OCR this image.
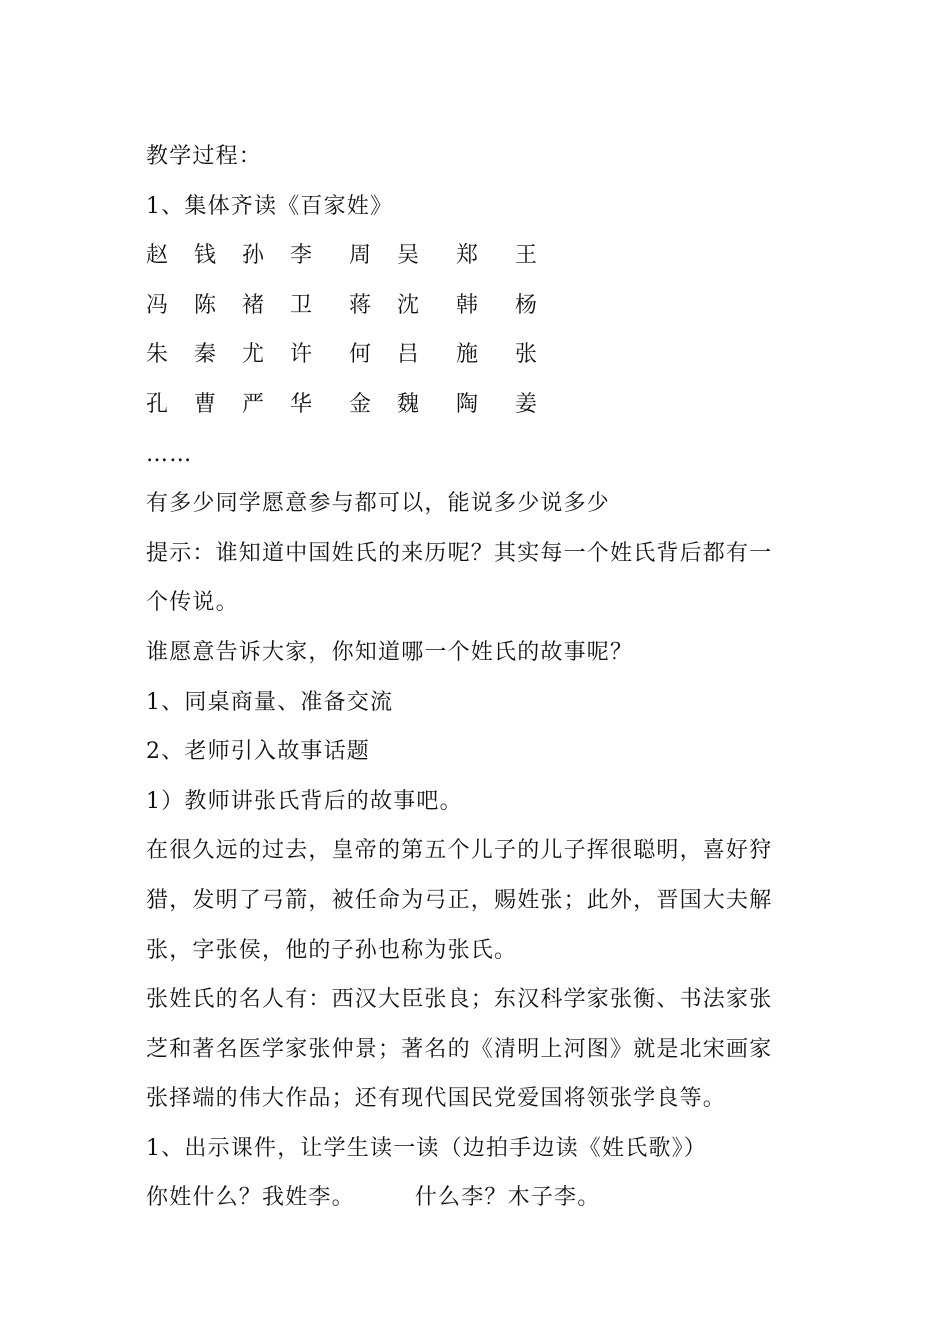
教学过程：
1、集体齐读《百家姓》
赵 钱 孙 李 周 吴 郑 王
冯 陈 褚 卫 蒋 沈 韩 杨
朱 秦 尤 许 何 吕 施 张
孔 曹 严 华 金 魏 陶 姜
……
有多少同学愿意参与都可以，能说多少说多少
提示：谁知道中国姓氏的来历呢？其实每一个姓氏背后都有一
个传说。
谁愿意告诉大家，你知道哪一个姓氏的故事呢？
1、同桌商量、准备交流
2、老师引入故事话题
1）教师讲张氏背后的故事吧。
在很久远的过去，皇帝的第五个儿子的儿子挥很聪明，喜好狩
猎，发明了弓箭，被任命为弓正，赐姓张；此外，晋国大夫解
张，字张侯，他的子孙也称为张氏。
张姓氏的名人有：西汉大臣张良；东汉科学家张衡、书法家张
芝和著名医学家张仲景；著名的《清明上河图》就是北宋画家
张择端的伟大作品；还有现代国民党爱国将领张学良等。
1、出示课件，让学生读一读（边拍手边读《姓氏歌》）
你姓什么？我姓李。	什么李？木子李。
